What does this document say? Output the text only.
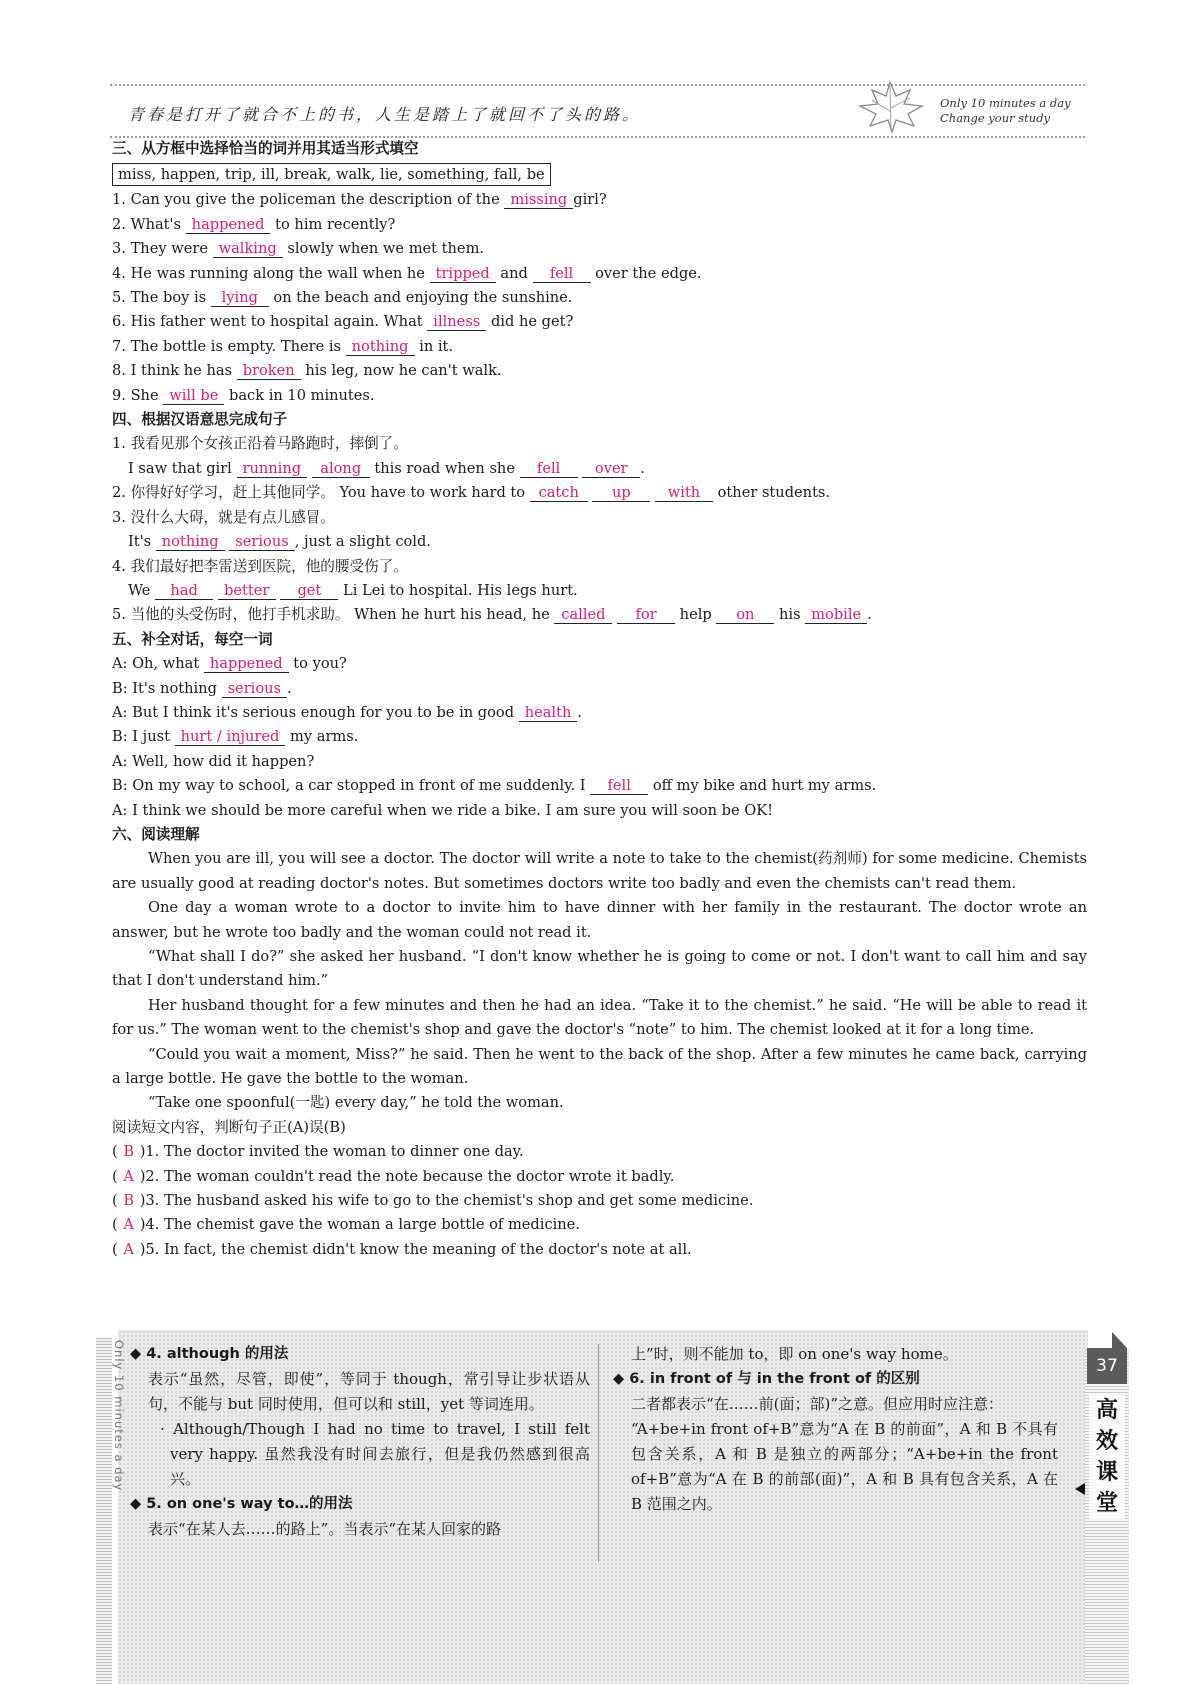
青春是打开了就合不上的书，人生是踏上了就回不了头的路。
Only 10 minutes a day
Change your study
三、从方框中选择恰当的词并用其适当形式填空
miss, happen, trip, ill, break, walk, lie, something, fall, be
1. Can you give the policeman the description of the missing girl?
2. What's happened to him recently?
3. They were walking slowly when we met them.
4. He was running along the wall when he tripped and fell over the edge.
5. The boy is lying on the beach and enjoying the sunshine.
6. His father went to hospital again. What illness did he get?
7. The bottle is empty. There is nothing in it.
8. I think he has broken his leg, now he can't walk.
9. She will be back in 10 minutes.
四、根据汉语意思完成句子
1. 我看见那个女孩正沿着马路跑时，摔倒了。
I saw that girl running along this road when she fell over .
2. 你得好好学习，赶上其他同学。 You have to work hard to catch up	with other students.
3. 没什么大碍，就是有点儿感冒。
It's nothing serious , just a slight cold.
4. 我们最好把李雷送到医院，他的腰受伤了。
We had better get Li Lei to hospital. His legs hurt.
5. 当他的头受伤时，他打手机求助。 When he hurt his head, he called for help on his mobile .
五、补全对话，每空一词
A: Oh, what happened to you?
B: It's nothing serious .
A: But I think it's serious enough for you to be in good health .
B: I just hurt / injured my arms.
A: Well, how did it happen?
B: On my way to school, a car stopped in front of me suddenly. I fell off my bike and hurt my arms.
A: I think we should be more careful when we ride a bike. I am sure you will soon be OK!
六、阅读理解
When you are ill, you will see a doctor. The doctor will write a note to take to the chemist(药剂师) for some medicine. Chemists are usually good at reading doctor's notes. But sometimes doctors write too badly and even the chemists can't read them.
One day a woman wrote to a doctor to invite him to have dinner with her family in the restaurant. The doctor wrote an answer, but he wrote too badly and the woman could not read it.
“What shall I do?” she asked her husband. “I don't know whether he is going to come or not. I don't want to call him and say that I don't understand him.”
Her husband thought for a few minutes and then he had an idea. “Take it to the chemist.” he said. “He will be able to read it for us.” The woman went to the chemist's shop and gave the doctor's “note” to him. The chemist looked at it for a long time.
“Could you wait a moment, Miss?” he said. Then he went to the back of the shop. After a few minutes he came back, carrying a large bottle. He gave the bottle to the woman.
“Take one spoonful(一匙) every day,” he told the woman.
阅读短文内容，判断句子正(A)误(B)
( B )1. The doctor invited the woman to dinner one day.
( A )2. The woman couldn't read the note because the doctor wrote it badly.
( B )3. The husband asked his wife to go to the chemist's shop and get some medicine.
( A )4. The chemist gave the woman a large bottle of medicine.
( A )5. In fact, the chemist didn't know the meaning of the doctor's note at all.
Only 10 minutes a day ◆ 4. although 的用法
表示“虽然，尽管，即使”，等同于 though，常引导让步状语从句，不能与 but 同时使用，但可以和 still，yet 等词连用。
· Although/Though I had no time to travel, I still felt very happy. 虽然我没有时间去旅行，但是我仍然感到很高兴。
◆ 5. on one's way to…的用法
表示“在某人去……的路上”。当表示“在某人回家的路
上”时，则不能加 to，即 on one's way home。
◆ 6. in front of 与 in the front of 的区别
二者都表示“在……前(面；部)”之意。但应用时应注意：
“A+be+in front of+B”意为“A 在 B 的前面”，A 和 B 不具有包含关系，A 和 B 是独立的两部分；“A+be+in the front of+B”意为“A 在 B 的前部(面)”，A 和 B 具有包含关系，A 在 B 范围之内。
37
高
效
课
堂
